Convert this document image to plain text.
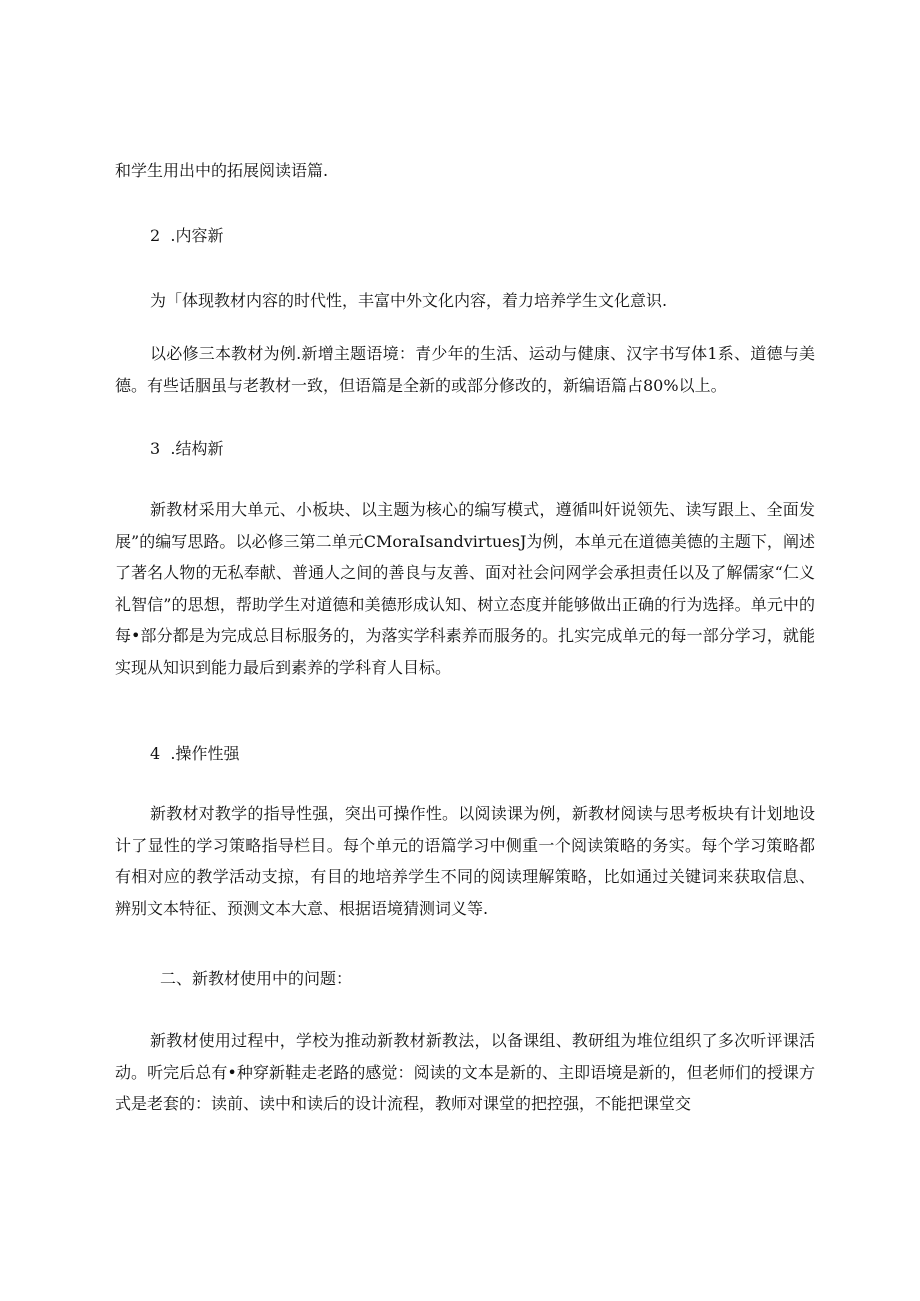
和学生用出中的拓展阅读语篇.
2  .内容新
为「体现教材内容的时代性，丰富中外文化内容，着力培养学生文化意识.
以必修三本教材为例.新增主题语境：青少年的生活、运动与健康、汉字书写体1系、道德与美德。有些话胭虽与老教材一致，但语篇是全新的或部分修改的，新编语篇占80%以上。
3  .结构新
新教材采用大单元、小板块、以主题为核心的编写模式，遵循叫奸说领先、读写跟上、全面发展”的编写思路。以必修三第二单元CMoraIsandvirtuesJ为例，本单元在道德美德的主题下，阐述了著名人物的无私奉献、普通人之间的善良与友善、面对社会问网学会承担责任以及了解儒家“仁义礼智信”的思想，帮助学生对道德和美德形成认知、树立态度并能够做出正确的行为选择。单元中的每•部分都是为完成总目标服务的，为落实学科素养而服务的。扎实完成单元的每一部分学习，就能实现从知识到能力最后到素养的学科育人目标。
4  .操作性强
新教材对教学的指导性强，突出可操作性。以阅读课为例，新教材阅读与思考板块有计划地设计了显性的学习策略指导栏目。每个单元的语篇学习中侧重一个阅读策略的务实。每个学习策略都有相对应的教学活动支掠，有目的地培养学生不同的阅读理解策略，比如通过关键词来获取信息、辨别文本特征、预测文本大意、根据语境猜测词义等.
二、新教材使用中的问题：
新教材使用过程中，学校为推动新教材新教法，以备课组、教研组为堆位组织了多次听评课活动。听完后总有•种穿新鞋走老路的感觉：阅读的文本是新的、主即语境是新的，但老师们的授课方式是老套的：读前、读中和读后的设计流程，教师对课堂的把控强，不能把课堂交
